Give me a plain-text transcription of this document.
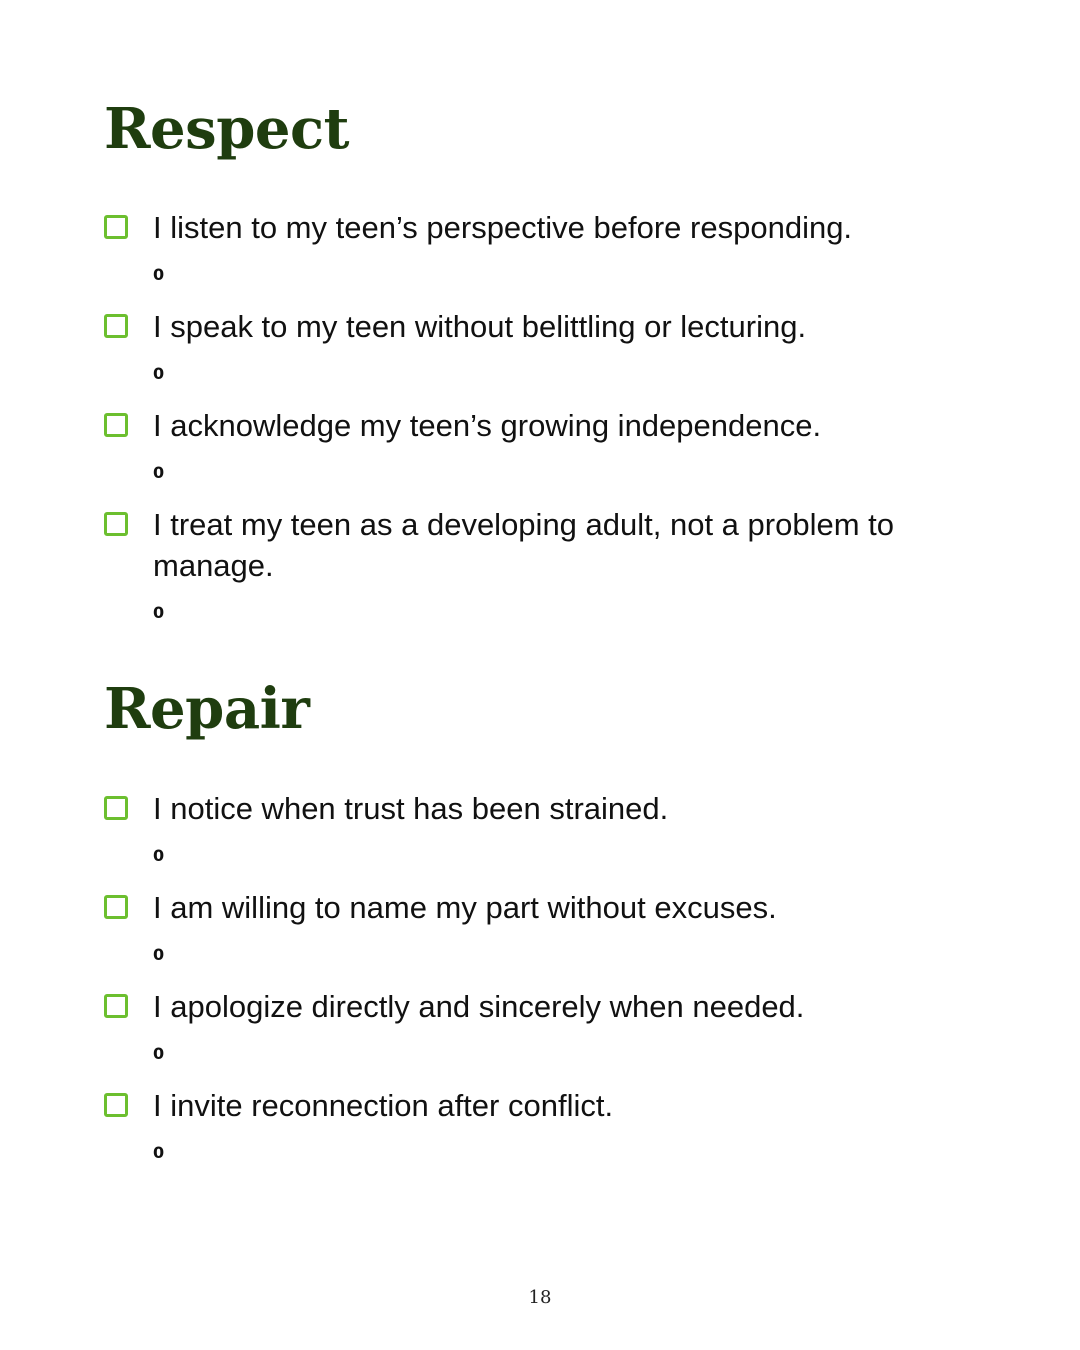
Respect
I listen to my teen’s perspective before responding.
0
I speak to my teen without belittling or lecturing.
0
I acknowledge my teen’s growing independence.
0
I treat my teen as a developing adult, not a problem to manage.
0
Repair
I notice when trust has been strained.
0
I am willing to name my part without excuses.
0
I apologize directly and sincerely when needed.
0
I invite reconnection after conflict.
0
18
